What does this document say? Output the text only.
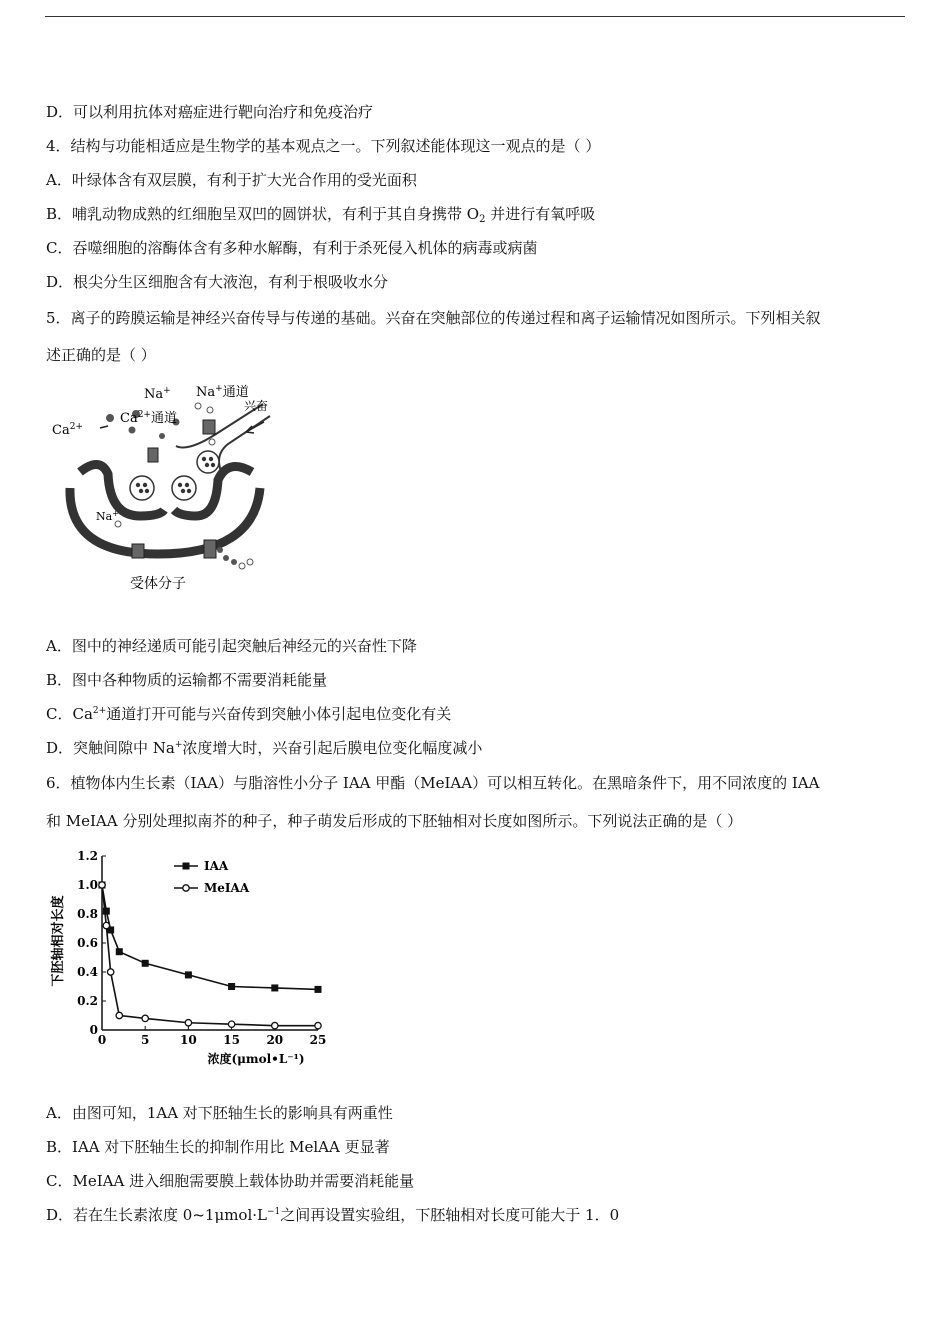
D．可以利用抗体对癌症进行靶向治疗和免疫治疗
4．结构与功能相适应是生物学的基本观点之一。下列叙述能体现这一观点的是（ ）
A．叶绿体含有双层膜，有利于扩大光合作用的受光面积
B．哺乳动物成熟的红细胞呈双凹的圆饼状，有利于其自身携带 $O_2$ 并进行有氧呼吸
C．吞噬细胞的溶酶体含有多种水解酶，有利于杀死侵入机体的病毒或病菌
D．根尖分生区细胞含有大液泡，有利于根吸收水分
5．离子的跨膜运输是神经兴奋传导与传递的基础。兴奋在突触部位的传递过程和离子运输情况如图所示。下列相关叙
述正确的是（ ）
Na+ Na+通道
兴奋
$Ca^{2+}$
$Ca^{2+}$通道
Na+
受体分子
A．图中的神经递质可能引起突触后神经元的兴奋性下降
B．图中各种物质的运输都不需要消耗能量
C．$Ca^{2+}$通道打开可能与兴奋传到突触小体引起电位变化有关
D．突触间隙中 Na+浓度增大时，兴奋引起后膜电位变化幅度减小
6．植物体内生长素（IAA）与脂溶性小分子 IAA 甲酯（MeIAA）可以相互转化。在黑暗条件下，用不同浓度的 IAA
和 MeIAA 分别处理拟南芥的种子，种子萌发后形成的下胚轴相对长度如图所示。下列说法正确的是（ ）
0
0.2
0.4
0.6
0.8
1.0
1.2
0	5	10 15 20 25
下胚轴相对长度
浓度(μmol•L⁻¹)
IAA
MeIAA
A．由图可知，1AA 对下胚轴生长的影响具有两重性
B．IAA 对下胚轴生长的抑制作用比 MelAA 更显著
C．MeIAA 进入细胞需要膜上载体协助并需要消耗能量
D．若在生长素浓度 $0\sim 1\mu mol\cdot L^{-1}$之间再设置实验组，下胚轴相对长度可能大于 1．0
